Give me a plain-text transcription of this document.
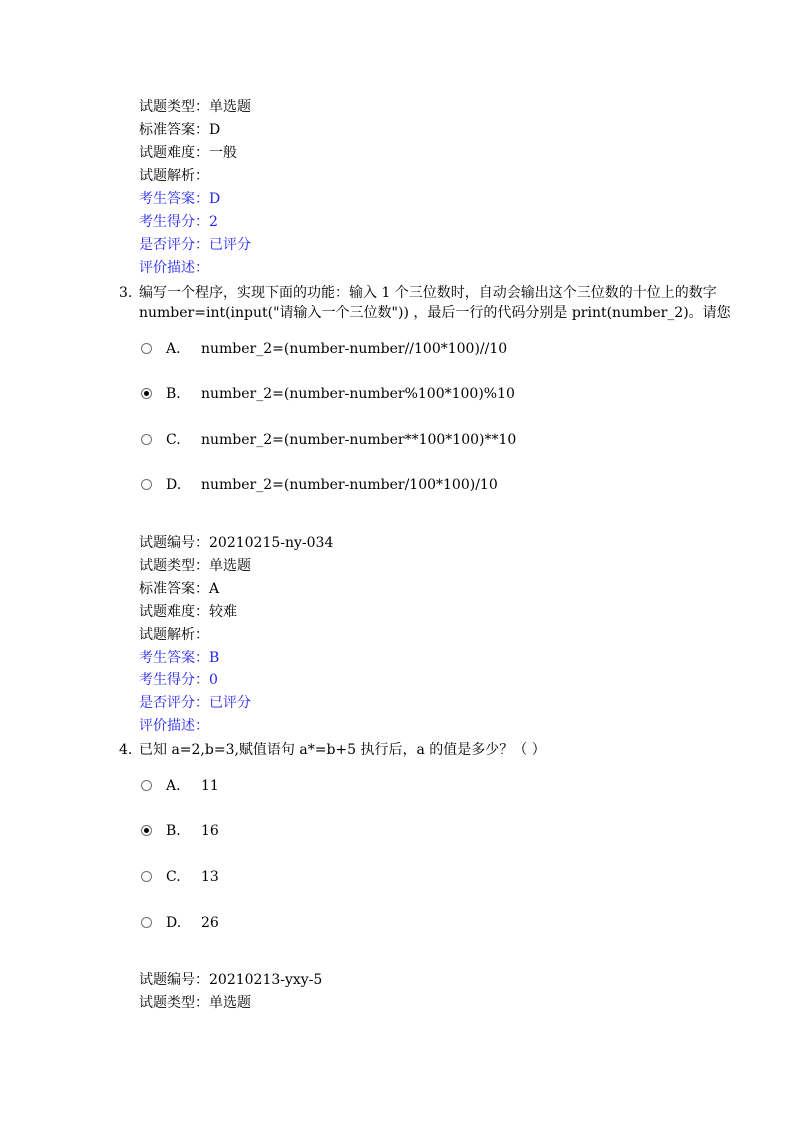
试题类型：单选题
标准答案：D
试题难度：一般
试题解析：
考生答案：D
考生得分：2
是否评分：已评分
评价描述：
3. 编写一个程序，实现下面的功能：输入 1 个三位数时，自动会输出这个三位数的十位上的数字
number=int(input("请输入一个三位数")) ，最后一行的代码分别是 print(number_2)。请您
A. number_2=(number-number//100*100)//10
B. number_2=(number-number%100*100)%10
C. number_2=(number-number**100*100)**10
D. number_2=(number-number/100*100)/10
试题编号：20210215-ny-034
试题类型：单选题
标准答案：A
试题难度：较难
试题解析：
考生答案：B
考生得分：0
是否评分：已评分
评价描述：
4. 已知 a=2,b=3,赋值语句 a*=b+5 执行后，a 的值是多少？（ ）
A. 11
B. 16
C. 13
D. 26
试题编号：20210213-yxy-5
试题类型：单选题
